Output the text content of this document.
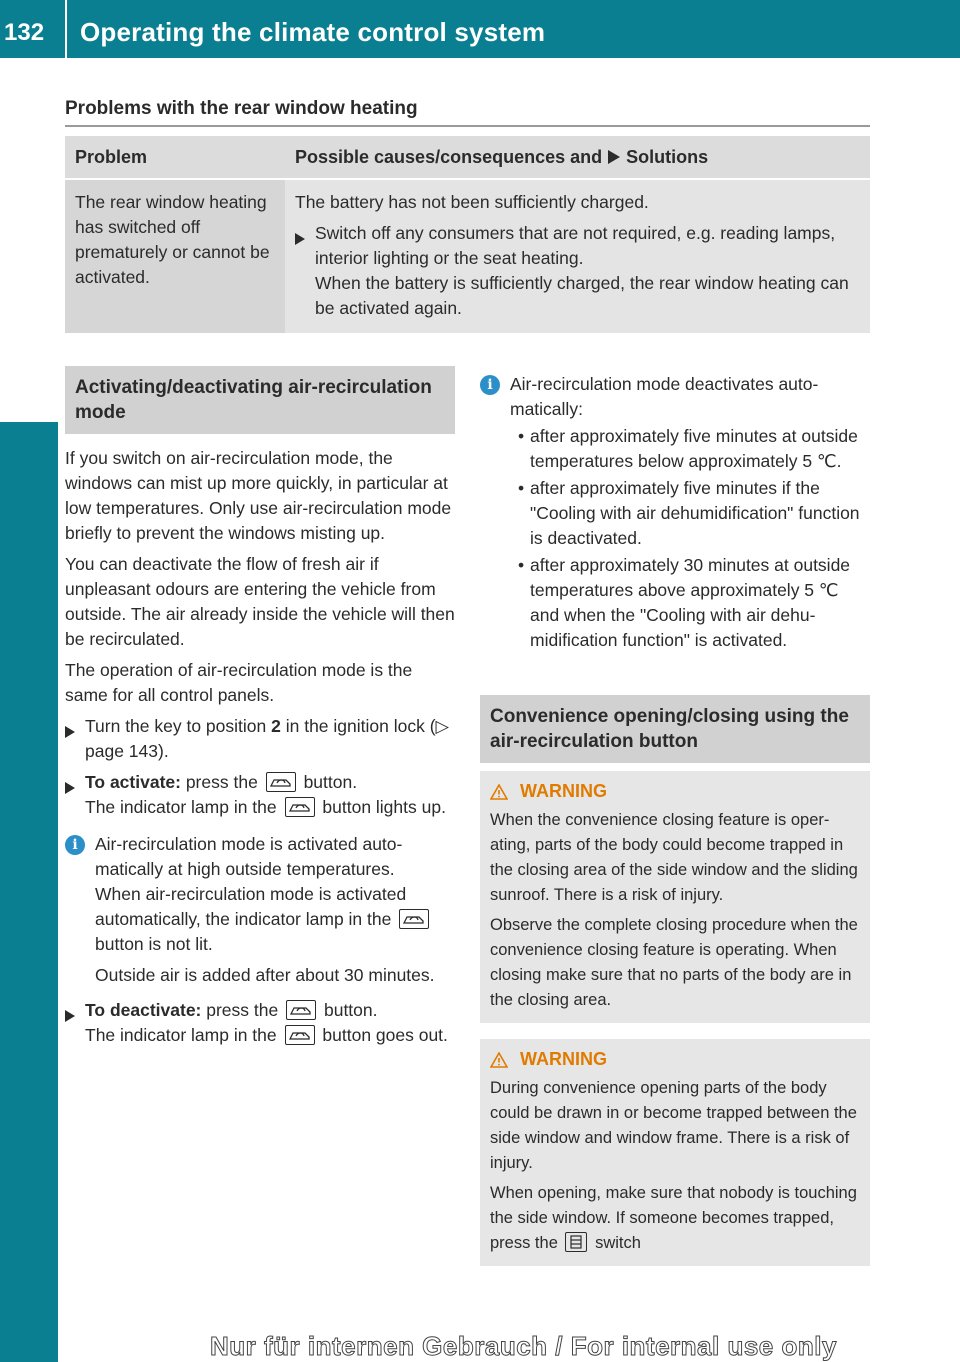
132 Operating the climate control system
Climate control
Problems with the rear window heating
Problem	Possible causes/consequences and Solutions
The rear window heating has switched off prematurely or cannot be activated.

The battery has not been sufficiently charged.

Switch off any consumers that are not required, e.g. reading lamps, interior lighting or the seat heating.

When the battery is sufficiently charged, the rear window heating can be activated again.

Activating/deactivating air-recirculation mode

If you switch on air-recirculation mode, the windows can mist up more quickly, in particular at low temperatures. Only use air-recirculation mode briefly to prevent the windows misting up.

You can deactivate the flow of fresh air if unpleasant odours are entering the vehicle from outside. The air already inside the vehicle will then be recirculated.

The operation of air-recirculation mode is the same for all control panels.

Turn the key to position 2 in the ignition lock (▷ page 143).
To activate: press the	button.
The indicator lamp in the	button lights up.
i Air-recirculation mode is activated automatically at high outside temperatures.

When air-recirculation mode is activated automatically, the indicator lamp in the
button is not lit.

Outside air is added after about 30 minutes.

To deactivate: press the	button.
The indicator lamp in the	button goes out.
i Air-recirculation mode deactivates automatically:

• after approximately five minutes at outside temperatures below approximately 5 ℃.
• after approximately five minutes if the "Cooling with air dehumidification" function is deactivated.
• after approximately 30 minutes at outside temperatures above approximately 5 ℃ and when the "Cooling with air dehumidification function" is activated.
Convenience opening/closing using the air-recirculation button
WARNING

When the convenience closing feature is operating, parts of the body could become trapped in the closing area of the side window and the sliding sunroof. There is a risk of injury.

Observe the complete closing procedure when the convenience closing feature is operating. When closing make sure that no parts of the body are in the closing area.

WARNING

During convenience opening parts of the body could be drawn in or become trapped between the side window and window frame. There is a risk of injury.

When opening, make sure that nobody is touching the side window. If someone becomes trapped, press the switch

Nur für internen Gebrauch / For internal use only
